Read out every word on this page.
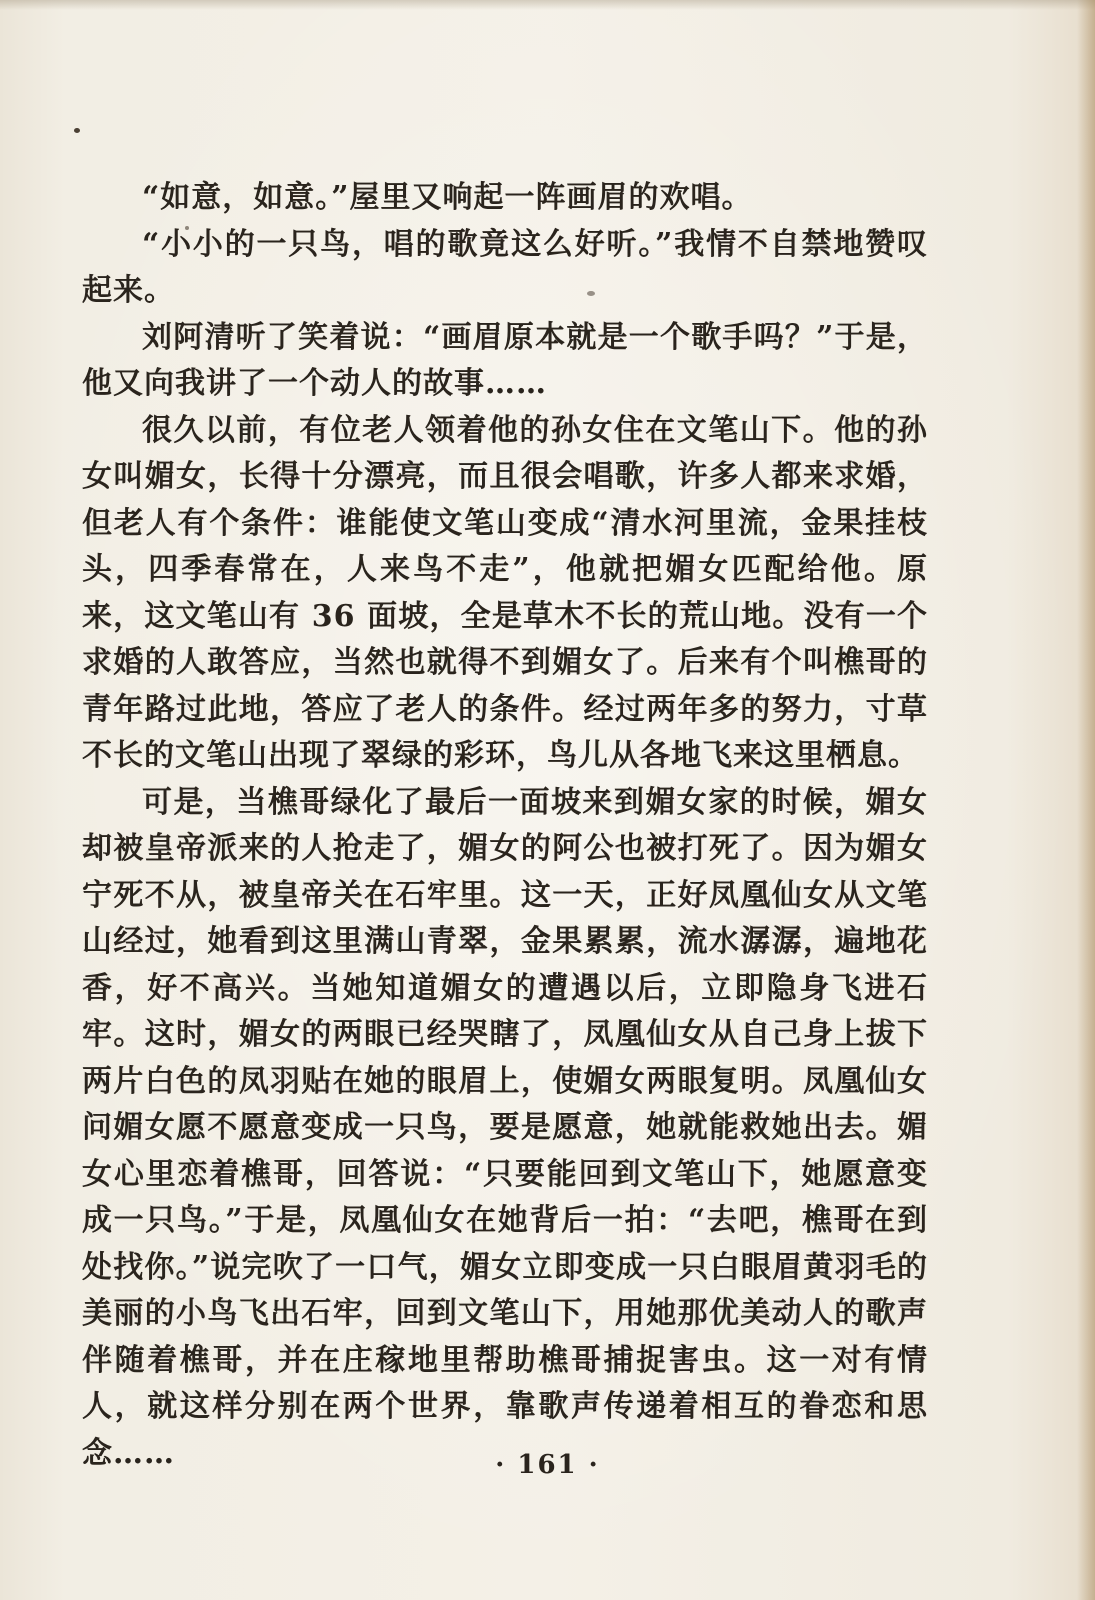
“如意，如意。”屋里又响起一阵画眉的欢唱。

“小小的一只鸟，唱的歌竟这么好听。”我情不自禁地赞叹起来。

刘阿清听了笑着说：“画眉原本就是一个歌手吗？”于是，他又向我讲了一个动人的故事……

很久以前，有位老人领着他的孙女住在文笔山下。他的孙女叫媚女，长得十分漂亮，而且很会唱歌，许多人都来求婚，但老人有个条件：谁能使文笔山变成“清水河里流，金果挂枝头，四季春常在，人来鸟不走”，他就把媚女匹配给他。原来，这文笔山有 36 面坡，全是草木不长的荒山地。没有一个求婚的人敢答应，当然也就得不到媚女了。后来有个叫樵哥的青年路过此地，答应了老人的条件。经过两年多的努力，寸草不长的文笔山出现了翠绿的彩环，鸟儿从各地飞来这里栖息。

可是，当樵哥绿化了最后一面坡来到媚女家的时候，媚女却被皇帝派来的人抢走了，媚女的阿公也被打死了。因为媚女宁死不从，被皇帝关在石牢里。这一天，正好凤凰仙女从文笔山经过，她看到这里满山青翠，金果累累，流水潺潺，遍地花香，好不高兴。当她知道媚女的遭遇以后，立即隐身飞进石牢。这时，媚女的两眼已经哭瞎了，凤凰仙女从自己身上拔下两片白色的凤羽贴在她的眼眉上，使媚女两眼复明。凤凰仙女问媚女愿不愿意变成一只鸟，要是愿意，她就能救她出去。媚女心里恋着樵哥，回答说：“只要能回到文笔山下，她愿意变成一只鸟。”于是，凤凰仙女在她背后一拍：“去吧，樵哥在到处找你。”说完吹了一口气，媚女立即变成一只白眼眉黄羽毛的美丽的小鸟飞出石牢，回到文笔山下，用她那优美动人的歌声伴随着樵哥，并在庄稼地里帮助樵哥捕捉害虫。这一对有情人，就这样分别在两个世界，靠歌声传递着相互的眷恋和思念……	· 161 ·
